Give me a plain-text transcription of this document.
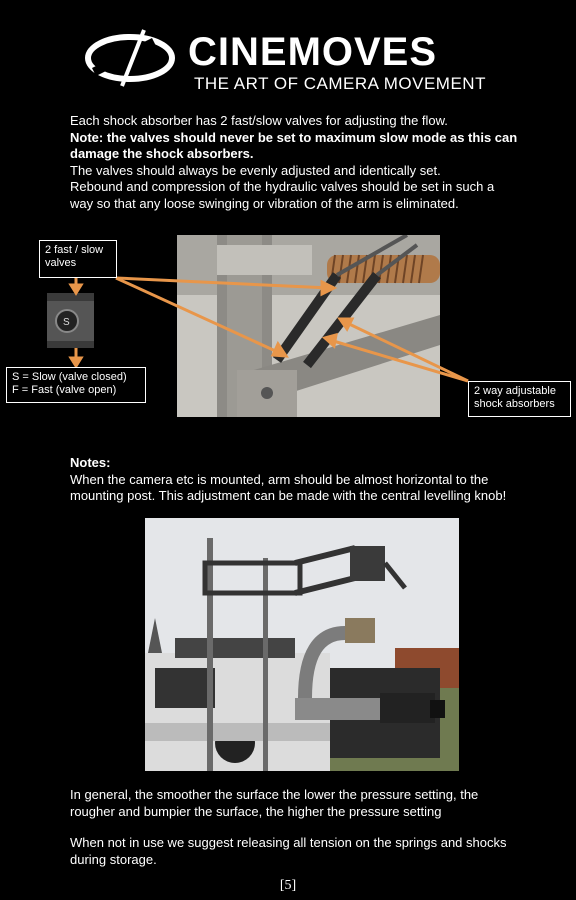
CINEMOVES
THE ART OF CAMERA MOVEMENT
Each shock absorber has 2 fast/slow valves for adjusting the flow.
Note: the valves should never be set to maximum slow mode as this can
damage the shock absorbers.
The valves should always be evenly adjusted and identically set.
Rebound and compression of the hydraulic valves should be set in such a
way so that any loose swinging or vibration of the arm is eliminated.
S
2 fast / slow
valves
S = Slow (valve closed)
F = Fast (valve open)	2 way adjustable
shock absorbers
Notes:
When the camera etc is mounted, arm should be almost horizontal to the
mounting post. This adjustment can be made with the central levelling knob!
In general, the smoother the surface the lower the pressure setting, the
rougher and bumpier the surface, the higher the pressure setting
When not in use we suggest releasing all tension on the springs and shocks
during storage.
[5]
